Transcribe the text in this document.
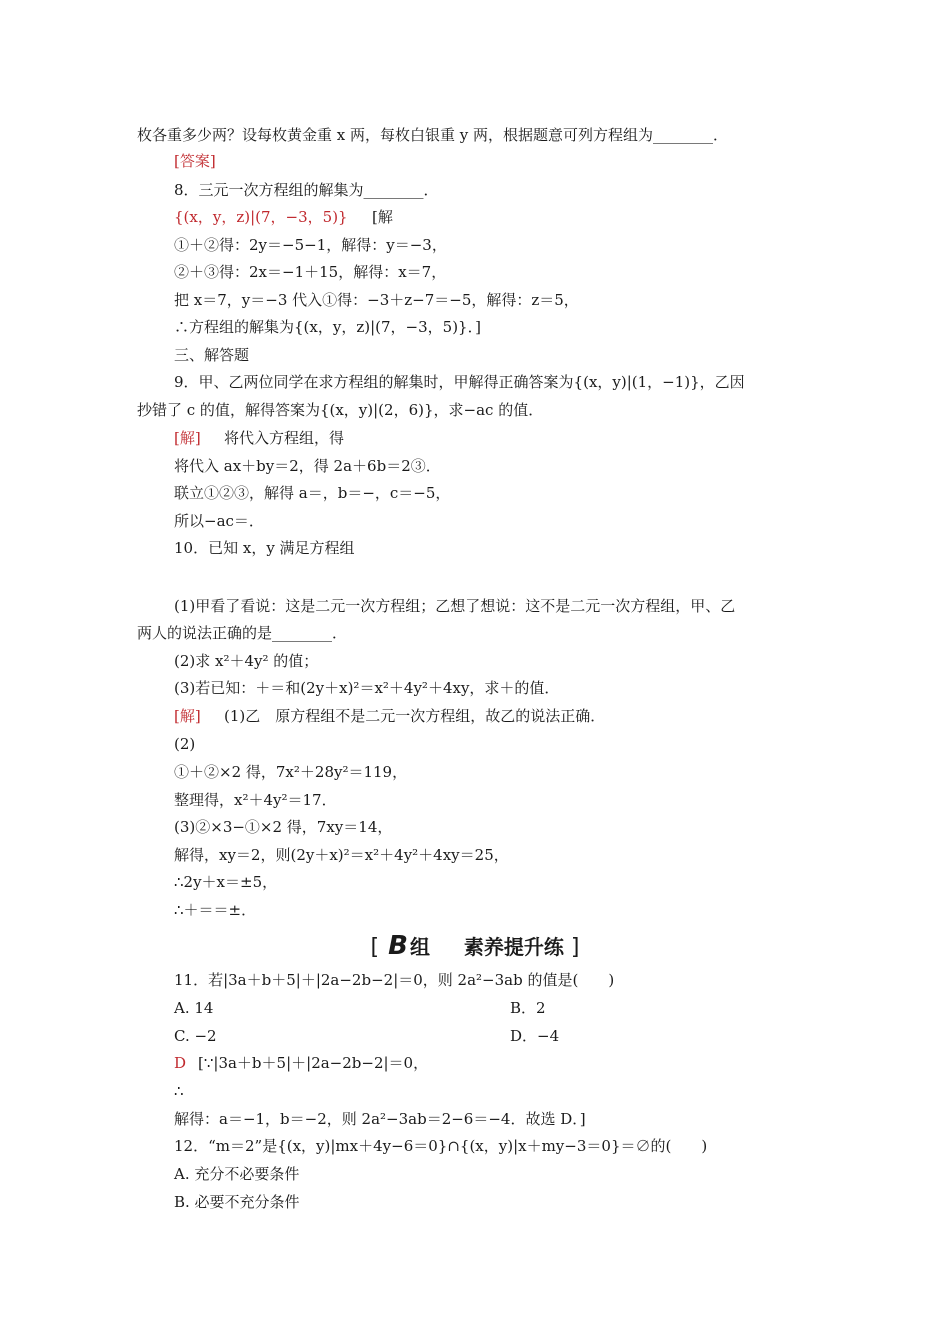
枚各重多少两？设每枚黄金重 x 两，每枚白银重 y 两，根据题意可列方程组为________．
[答案]
8．三元一次方程组的解集为________．
{(x，y，z)|(7，−3，5)} [解
①＋②得：2y＝−5−1，解得：y＝−3，
②＋③得：2x＝−1＋15，解得：x＝7，
把 x＝7，y＝−3 代入①得：−3＋z−7＝−5，解得：z＝5，
∴方程组的解集为{(x，y，z)|(7，−3，5)}．]
三、解答题
9．甲、乙两位同学在求方程组的解集时，甲解得正确答案为{(x，y)|(1，−1)}，乙因
抄错了 c 的值，解得答案为{(x，y)|(2，6)}，求−ac 的值．
[解] 将代入方程组，得
将代入 ax＋by＝2，得 2a＋6b＝2③．
联立①②③，解得 a＝，b＝−，c＝−5，
所以−ac＝．
10．已知 x，y 满足方程组
(1)甲看了看说：这是二元一次方程组；乙想了想说：这不是二元一次方程组，甲、乙
两人的说法正确的是________．
(2)求 x²＋4y² 的值；
(3)若已知：＋＝和(2y＋x)²＝x²＋4y²＋4xy，求＋的值．
[解] (1)乙　原方程组不是二元一次方程组，故乙的说法正确．
(2)
①＋②×2 得，7x²＋28y²＝119，
整理得，x²＋4y²＝17．
(3)②×3−①×2 得，7xy＝14，
解得，xy＝2，则(2y＋x)²＝x²＋4y²＋4xy＝25，
∴2y＋x＝±5，
∴＋＝＝±．
11．若|3a＋b＋5|＋|2a−2b−2|＝0，则 2a²−3ab 的值是(　　)
A. 14	B．2
C. −2	D．−4
D [∵|3a＋b＋5|＋|2a−2b−2|＝0，
∴
解得：a＝−1，b＝−2，则 2a²−3ab＝2−6＝−4．故选 D．]
12．“m＝2”是{(x，y)|mx＋4y−6＝0}∩{(x，y)|x＋my−3＝0}＝∅的(　　)
A. 充分不必要条件
B. 必要不充分条件
[ B 组 素养提升练 ]
